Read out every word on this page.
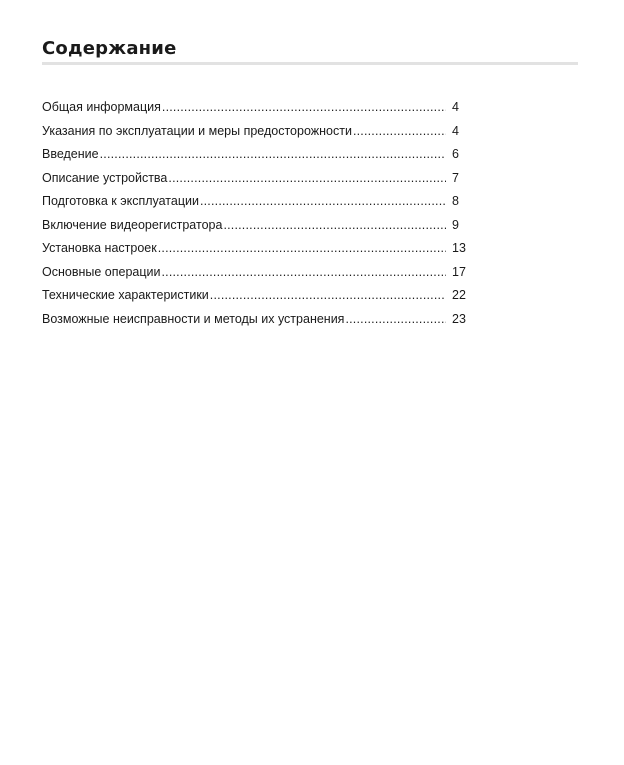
Содержание
Общая информация .....	4
Указания по эксплуатации и меры предосторожности .....	4
Введение .....	6
Описание устройства .....	7
Подготовка к эксплуатации .....	8
Включение видеорегистратора .....	9
Установка настроек .....	13
Основные операции .....	17
Технические характеристики .....	22
Возможные неисправности и методы их устранения .....	23
